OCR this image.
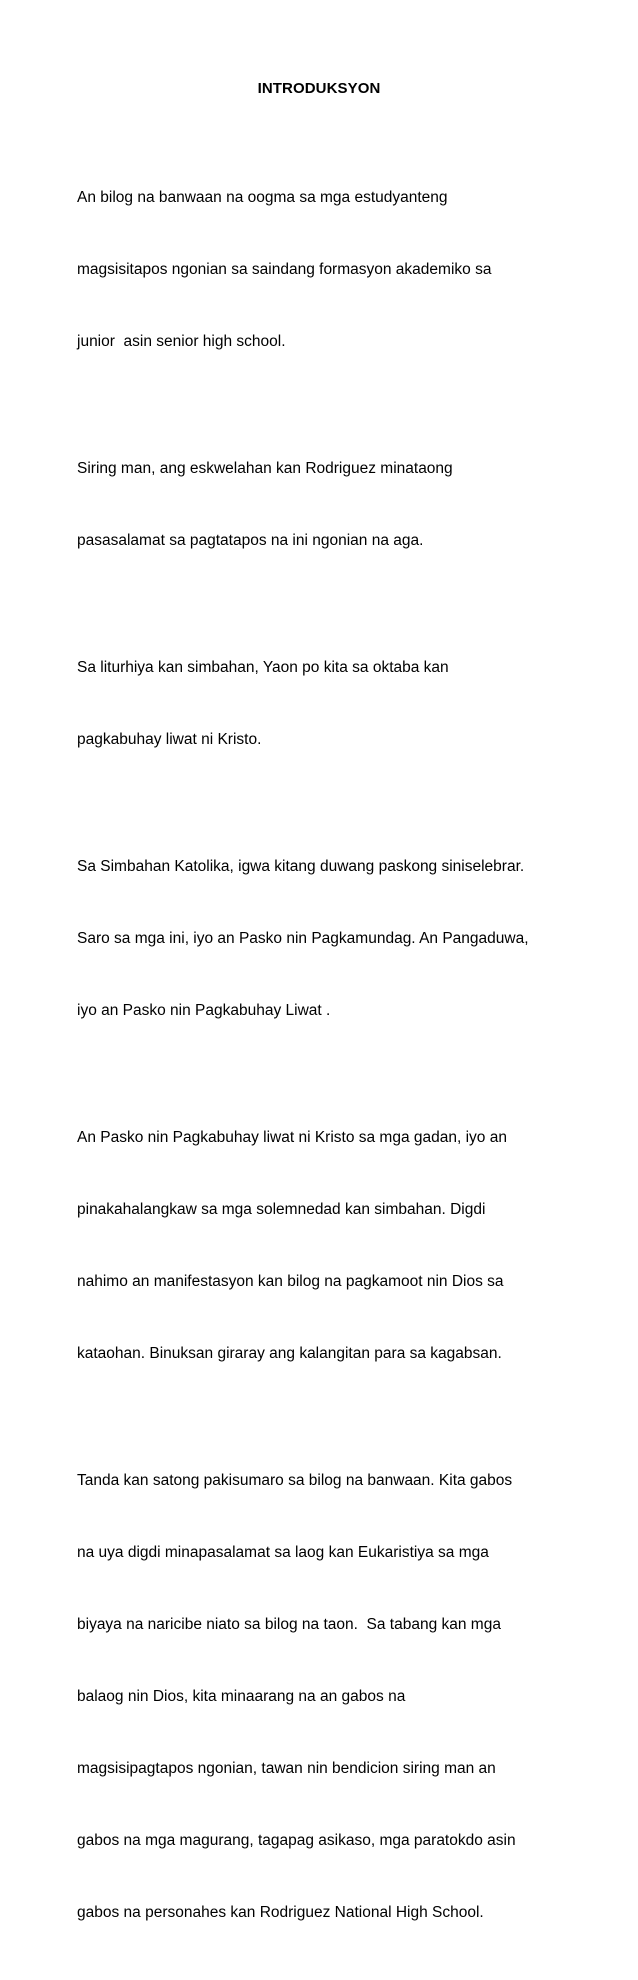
INTRODUKSYON

An bilog na banwaan na oogma sa mga estudyanteng

magsisitapos ngonian sa saindang formasyon akademiko sa

junior  asin senior high school.

Siring man, ang eskwelahan kan Rodriguez minataong

pasasalamat sa pagtatapos na ini ngonian na aga.

Sa liturhiya kan simbahan, Yaon po kita sa oktaba kan

pagkabuhay liwat ni Kristo.

Sa Simbahan Katolika, igwa kitang duwang paskong siniselebrar.

Saro sa mga ini, iyo an Pasko nin Pagkamundag. An Pangaduwa,

iyo an Pasko nin Pagkabuhay Liwat .

An Pasko nin Pagkabuhay liwat ni Kristo sa mga gadan, iyo an

pinakahalangkaw sa mga solemnedad kan simbahan. Digdi

nahimo an manifestasyon kan bilog na pagkamoot nin Dios sa

kataohan. Binuksan giraray ang kalangitan para sa kagabsan.

Tanda kan satong pakisumaro sa bilog na banwaan. Kita gabos

na uya digdi minapasalamat sa laog kan Eukaristiya sa mga

biyaya na naricibe niato sa bilog na taon.  Sa tabang kan mga

balaog nin Dios, kita minaarang na an gabos na

magsisipagtapos ngonian, tawan nin bendicion siring man an

gabos na mga magurang, tagapag asikaso, mga paratokdo asin

gabos na personahes kan Rodriguez National High School.
